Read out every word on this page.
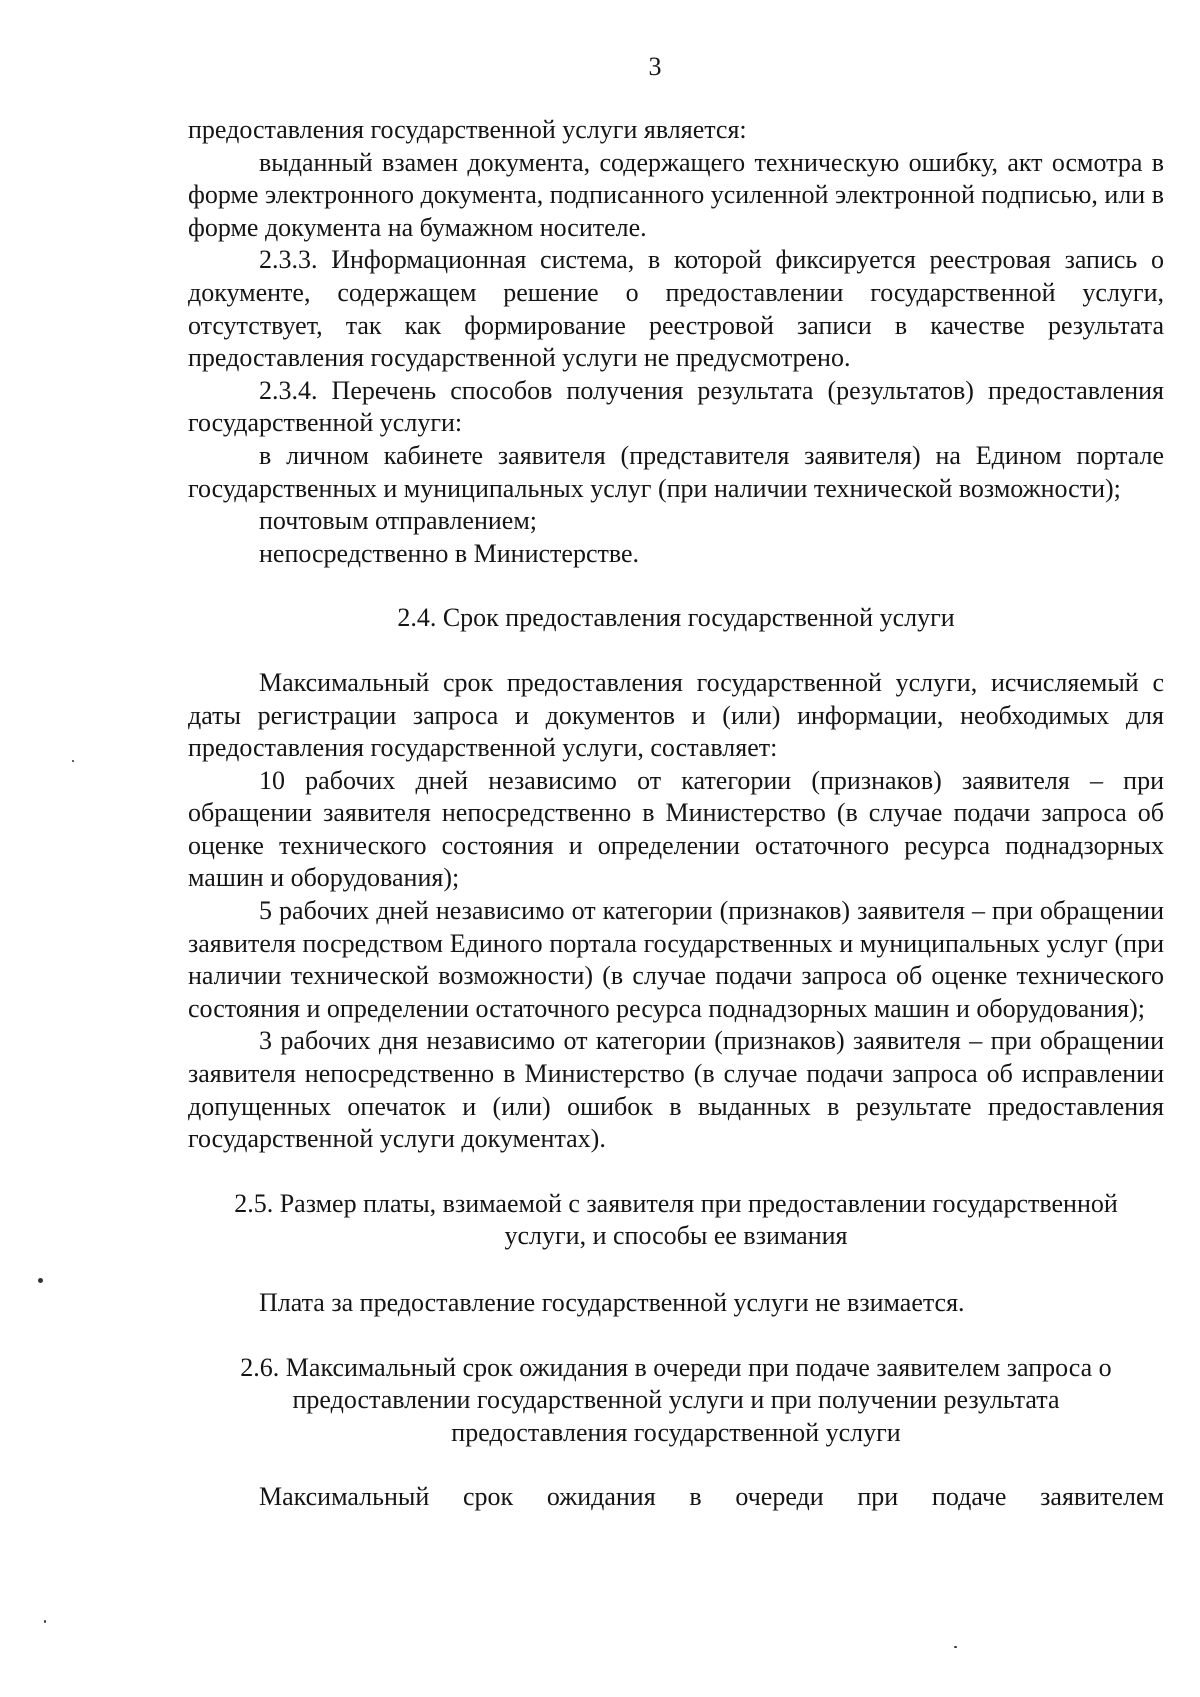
3

предоставления государственной услуги является:

выданный взамен документа, содержащего техническую ошибку, акт осмотра в форме электронного документа, подписанного усиленной электронной подписью, или в форме документа на бумажном носителе.

2.3.3. Информационная система, в которой фиксируется реестровая запись о документе, содержащем решение о предоставлении государственной услуги, отсутствует, так как формирование реестровой записи в качестве результата предоставления государственной услуги не предусмотрено.

2.3.4. Перечень способов получения результата (результатов) предоставления государственной услуги:

в личном кабинете заявителя (представителя заявителя) на Едином портале государственных и муниципальных услуг (при наличии технической возможности);

почтовым отправлением;

непосредственно в Министерстве.

2.4. Срок предоставления государственной услуги

Максимальный срок предоставления государственной услуги, исчисляемый с даты регистрации запроса и документов и (или) информации, необходимых для предоставления государственной услуги, составляет:

10 рабочих дней независимо от категории (признаков) заявителя – при обращении заявителя непосредственно в Министерство (в случае подачи запроса об оценке технического состояния и определении остаточного ресурса поднадзорных машин и оборудования);

5 рабочих дней независимо от категории (признаков) заявителя – при обращении заявителя посредством Единого портала государственных и муниципальных услуг (при наличии технической возможности) (в случае подачи запроса об оценке технического состояния и определении остаточного ресурса поднадзорных машин и оборудования);

3 рабочих дня независимо от категории (признаков) заявителя – при обращении заявителя непосредственно в Министерство (в случае подачи запроса об исправлении допущенных опечаток и (или) ошибок в выданных в результате предоставления государственной услуги документах).

2.5. Размер платы, взимаемой с заявителя при предоставлении государственной

услуги, и способы ее взимания

Плата за предоставление государственной услуги не взимается.

2.6. Максимальный срок ожидания в очереди при подаче заявителем запроса о

предоставлении государственной услуги и при получении результата

предоставления государственной услуги

Максимальный срок ожидания в очереди при подаче заявителем
